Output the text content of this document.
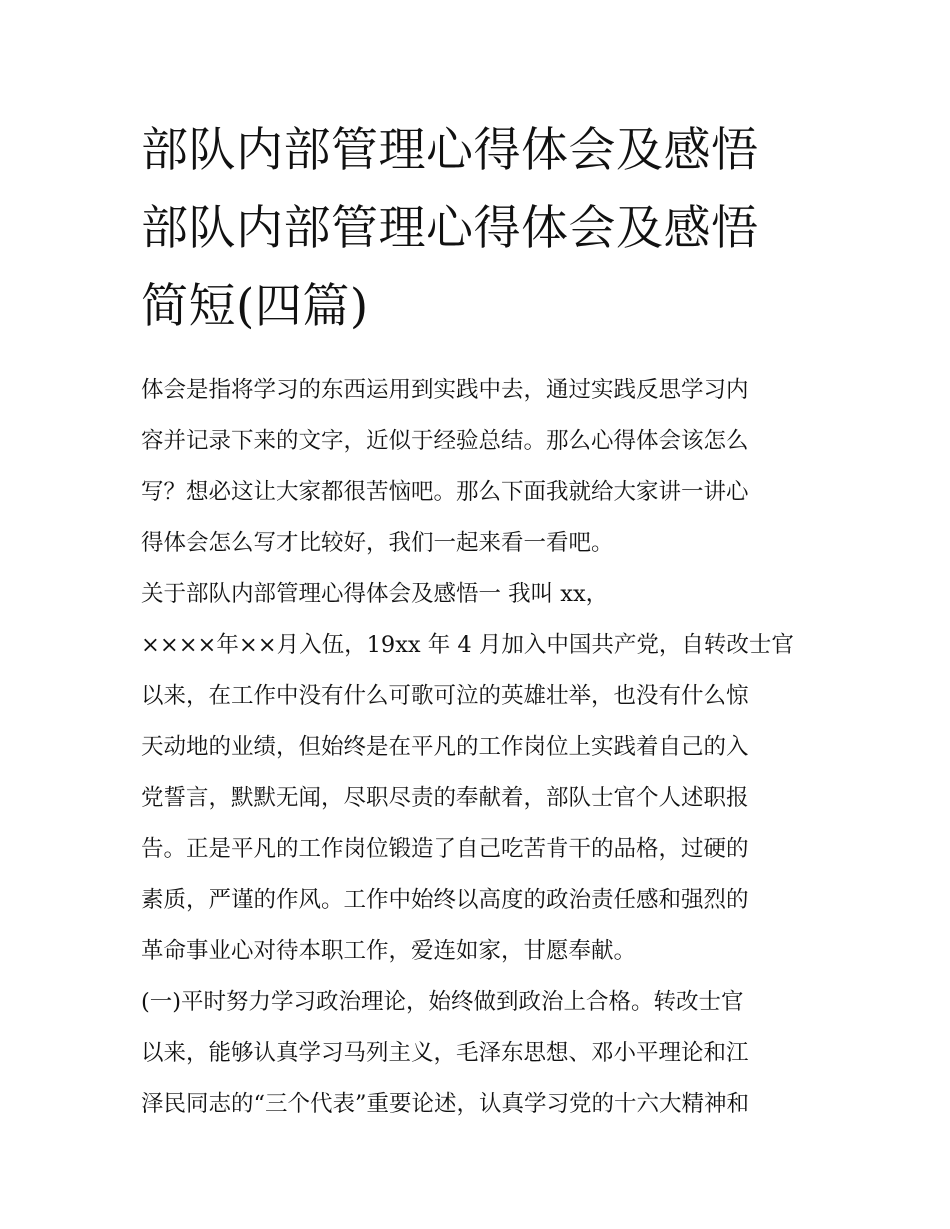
部队内部管理心得体会及感悟
部队内部管理心得体会及感悟
简短(四篇)
体会是指将学习的东西运用到实践中去，通过实践反思学习内
容并记录下来的文字，近似于经验总结。那么心得体会该怎么
写？想必这让大家都很苦恼吧。那么下面我就给大家讲一讲心
得体会怎么写才比较好，我们一起来看一看吧。
关于部队内部管理心得体会及感悟一 我叫 xx，
××××年××月入伍，19xx 年 4 月加入中国共产党，自转改士官
以来，在工作中没有什么可歌可泣的英雄壮举，也没有什么惊
天动地的业绩，但始终是在平凡的工作岗位上实践着自己的入
党誓言，默默无闻，尽职尽责的奉献着，部队士官个人述职报
告。正是平凡的工作岗位锻造了自己吃苦肯干的品格，过硬的
素质，严谨的作风。工作中始终以高度的政治责任感和强烈的
革命事业心对待本职工作，爱连如家，甘愿奉献。
(一)平时努力学习政治理论，始终做到政治上合格。转改士官
以来，能够认真学习马列主义，毛泽东思想、邓小平理论和江
泽民同志的“三个代表”重要论述，认真学习党的十六大精神和
